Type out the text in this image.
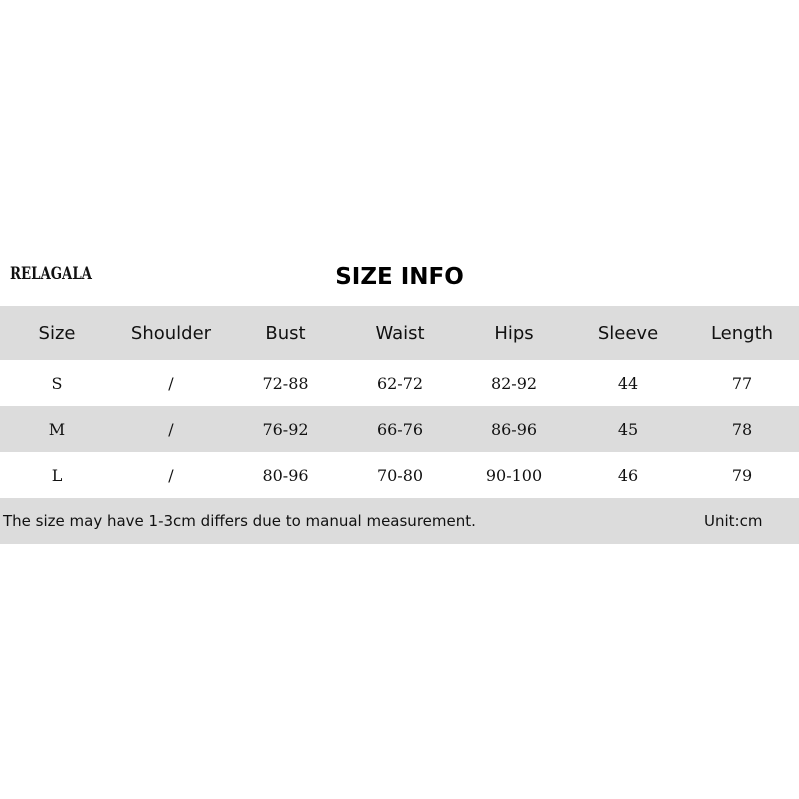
RELAGALA	SIZE INFO
Size	Shoulder	Bust	Waist	Hips	Sleeve	Length
S	/	72-88	62-72	82-92	44	77
M	/	76-92	66-76	86-96	45	78
L	/	80-96	70-80	90-100	46	79
The size may have 1-3cm differs due to manual measurement.	Unit:cm
